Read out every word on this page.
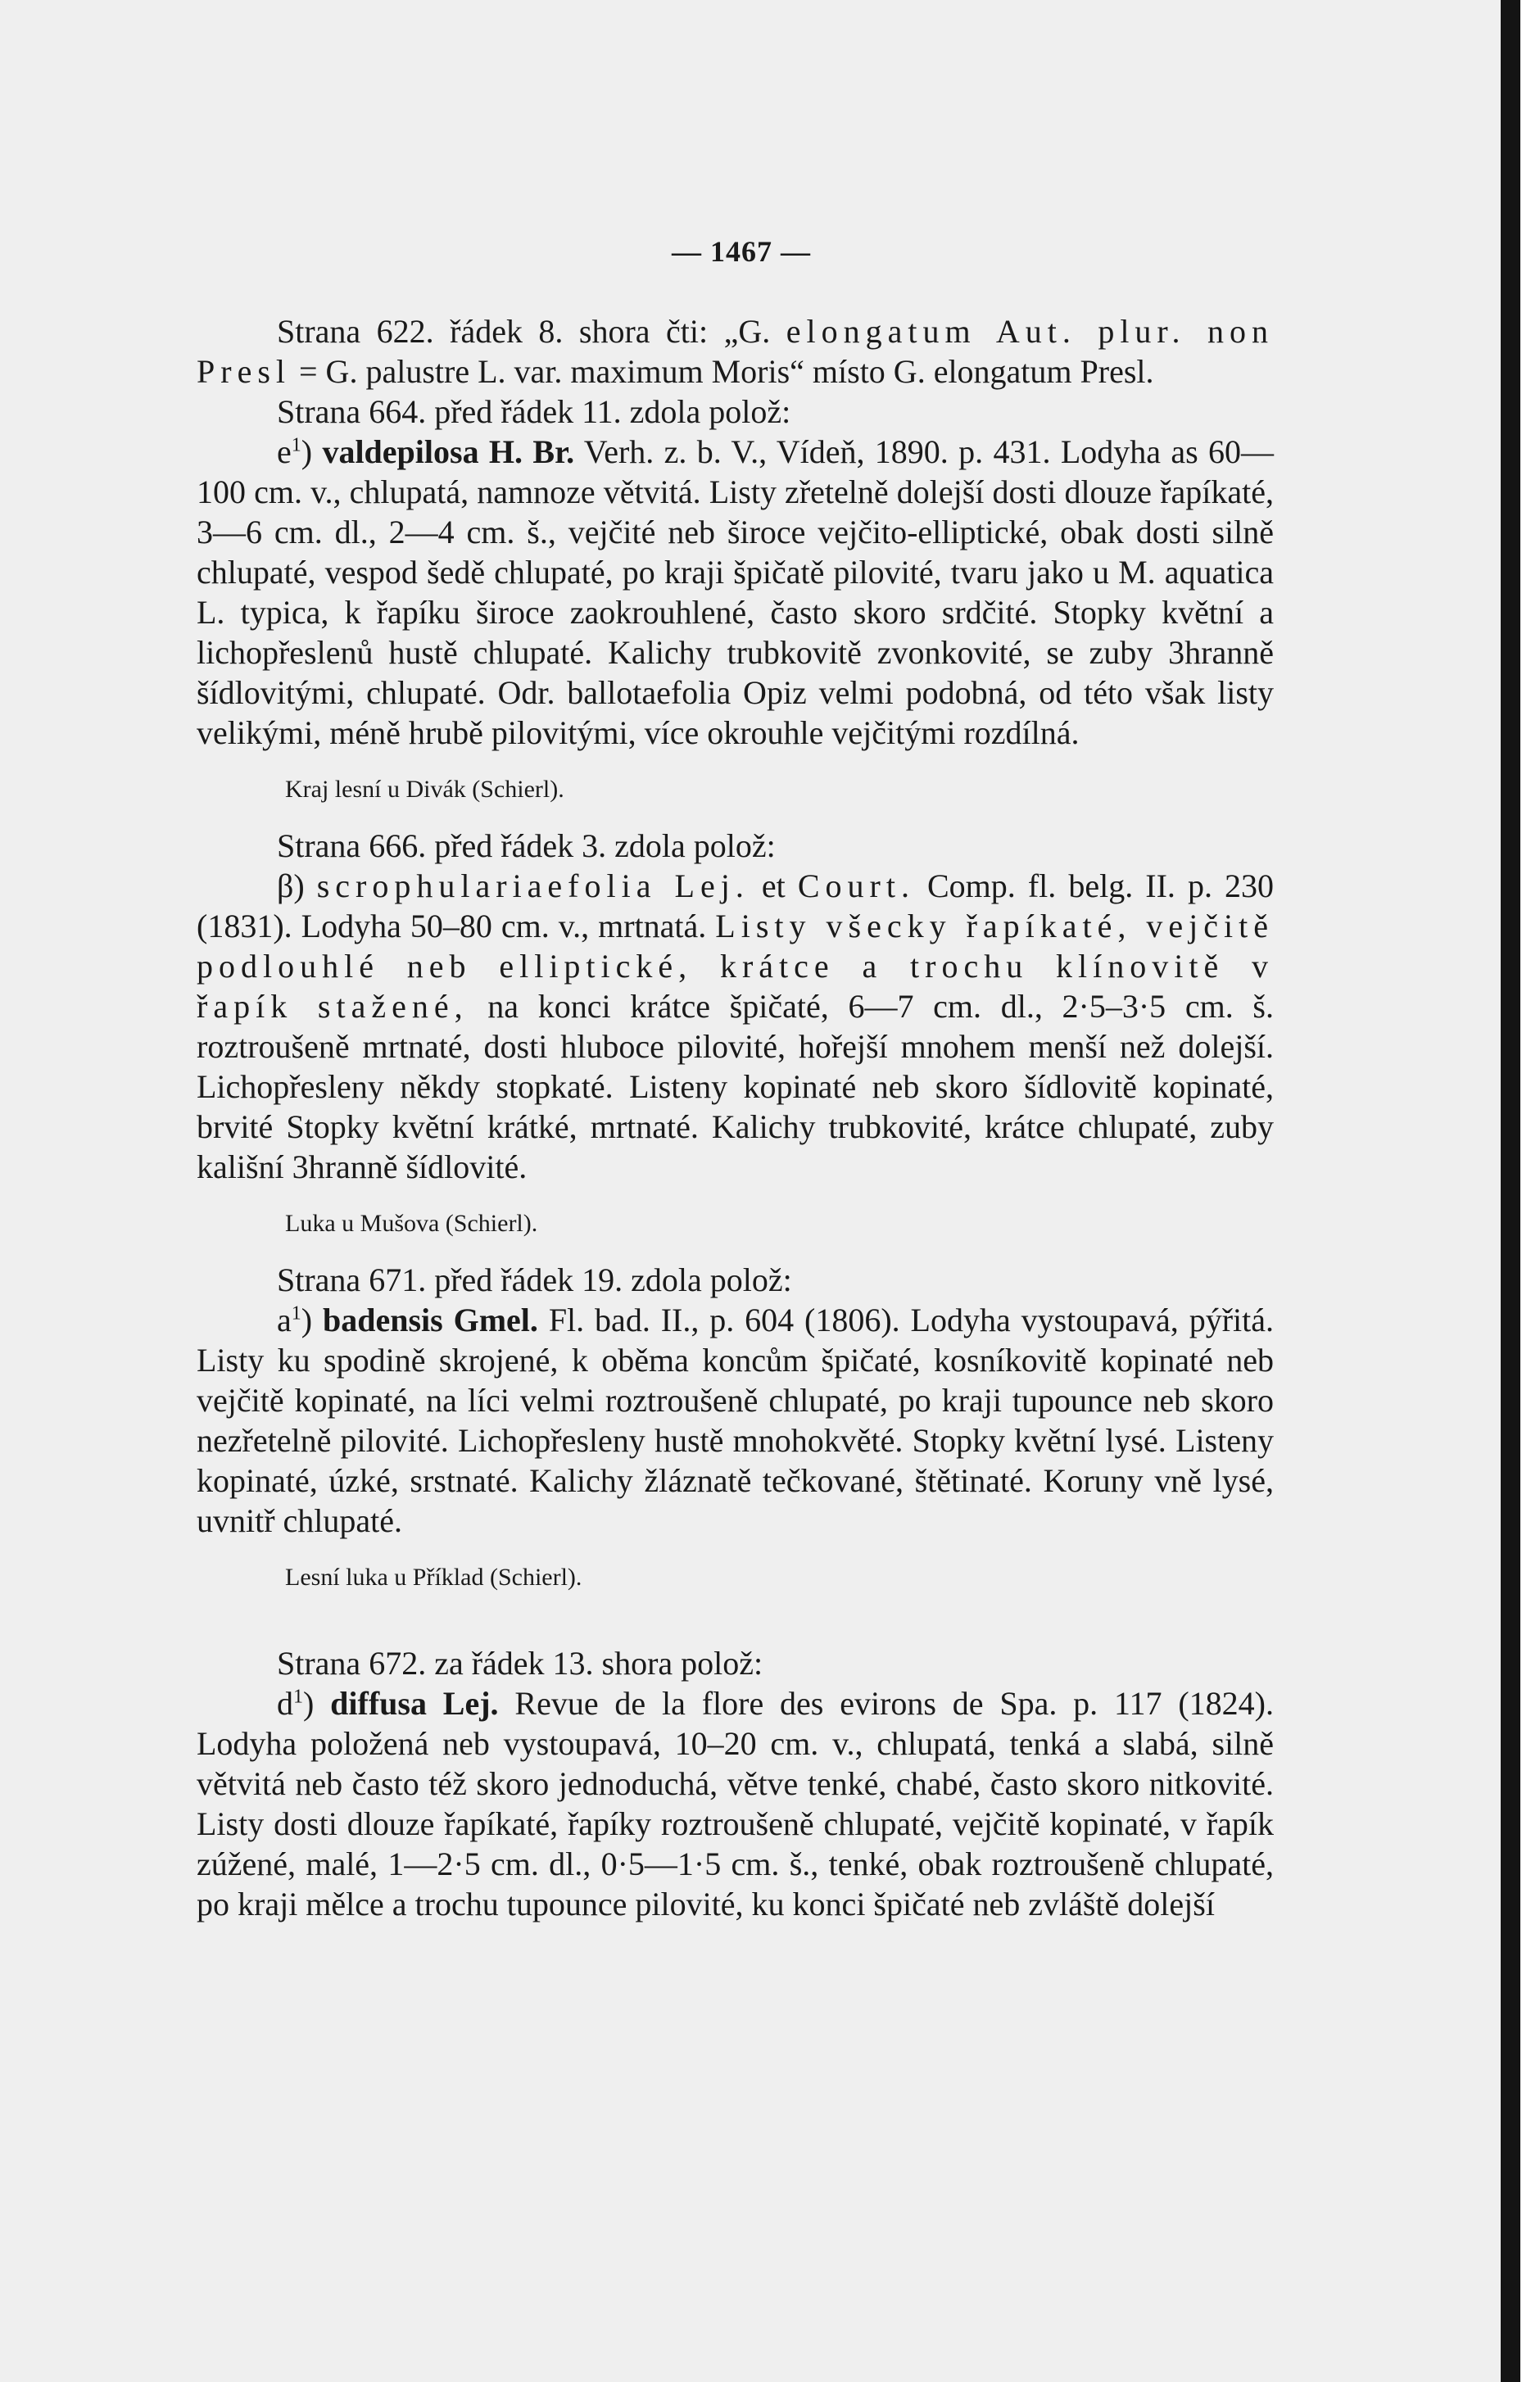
— 1467 —

Strana 622. řádek 8. shora čti: „G. elongatum Aut. plur. non Presl = G. palustre L. var. maximum Moris“ místo G. elongatum Presl.

Strana 664. před řádek 11. zdola polož:

$e^1$) valdepilosa H. Br. Verh. z. b. V., Vídeň, 1890. p. 431. Lodyha as 60—100 cm. v., chlupatá, namnoze větvitá. Listy zřetelně dolejší dosti dlouze řapíkaté, 3—6 cm. dl., 2—4 cm. š., vejčité neb široce vejčito-elliptické, obak dosti silně chlupaté, vespod šedě chlupaté, po kraji špičatě pilovité, tvaru jako u M. aquatica L. typica, k řapíku široce zaokrouhlené, často skoro srdčité. Stopky květní a lichopřeslenů hustě chlupaté. Kalichy trubkovitě zvonkovité, se zuby 3hranně šídlovitými, chlupaté. Odr. ballotaefolia Opiz velmi podobná, od této však listy velikými, méně hrubě pilovitými, více okrouhle vejčitými rozdílná.

Kraj lesní u Divák (Schierl).

Strana 666. před řádek 3. zdola polož:

β) scrophulariaefolia Lej. et Court. Comp. fl. belg. II. p. 230 (1831). Lodyha 50–80 cm. v., mrtnatá. Listy všecky řapíkaté, vejčitě podlouhlé neb elliptické, krátce a trochu klínovitě v řapík stažené, na konci krátce špičaté, 6—7 cm. dl., 2·5–3·5 cm. š. roztroušeně mrtnaté, dosti hluboce pilovité, hořejší mnohem menší než dolejší. Lichopřesleny někdy stopkaté. Listeny kopinaté neb skoro šídlovitě kopinaté, brvité Stopky květní krátké, mrtnaté. Kalichy trubkovité, krátce chlupaté, zuby kališní 3hranně šídlovité.

Luka u Mušova (Schierl).

Strana 671. před řádek 19. zdola polož:

$a^1$) badensis Gmel. Fl. bad. II., p. 604 (1806). Lodyha vystoupavá, pýřitá. Listy ku spodině skrojené, k oběma koncům špičaté, kosníkovitě kopinaté neb vejčitě kopinaté, na líci velmi roztroušeně chlupaté, po kraji tupounce neb skoro nezřetelně pilovité. Lichopřesleny hustě mnohokvěté. Stopky květní lysé. Listeny kopinaté, úzké, srstnaté. Kalichy žláznatě tečkované, štětinaté. Koruny vně lysé, uvnitř chlupaté.

Lesní luka u Příklad (Schierl).

Strana 672. za řádek 13. shora polož:

$d^1$) diffusa Lej. Revue de la flore des evirons de Spa. p. 117 (1824). Lodyha položená neb vystoupavá, 10–20 cm. v., chlupatá, tenká a slabá, silně větvitá neb často též skoro jednoduchá, větve tenké, chabé, často skoro nitkovité. Listy dosti dlouze řapíkaté, řapíky roztroušeně chlupaté, vejčitě kopinaté, v řapík zúžené, malé, 1—2·5 cm. dl., 0·5—1·5 cm. š., tenké, obak roztroušeně chlupaté, po kraji mělce a trochu tupounce pilovité, ku konci špičaté neb zvláště dolejší
